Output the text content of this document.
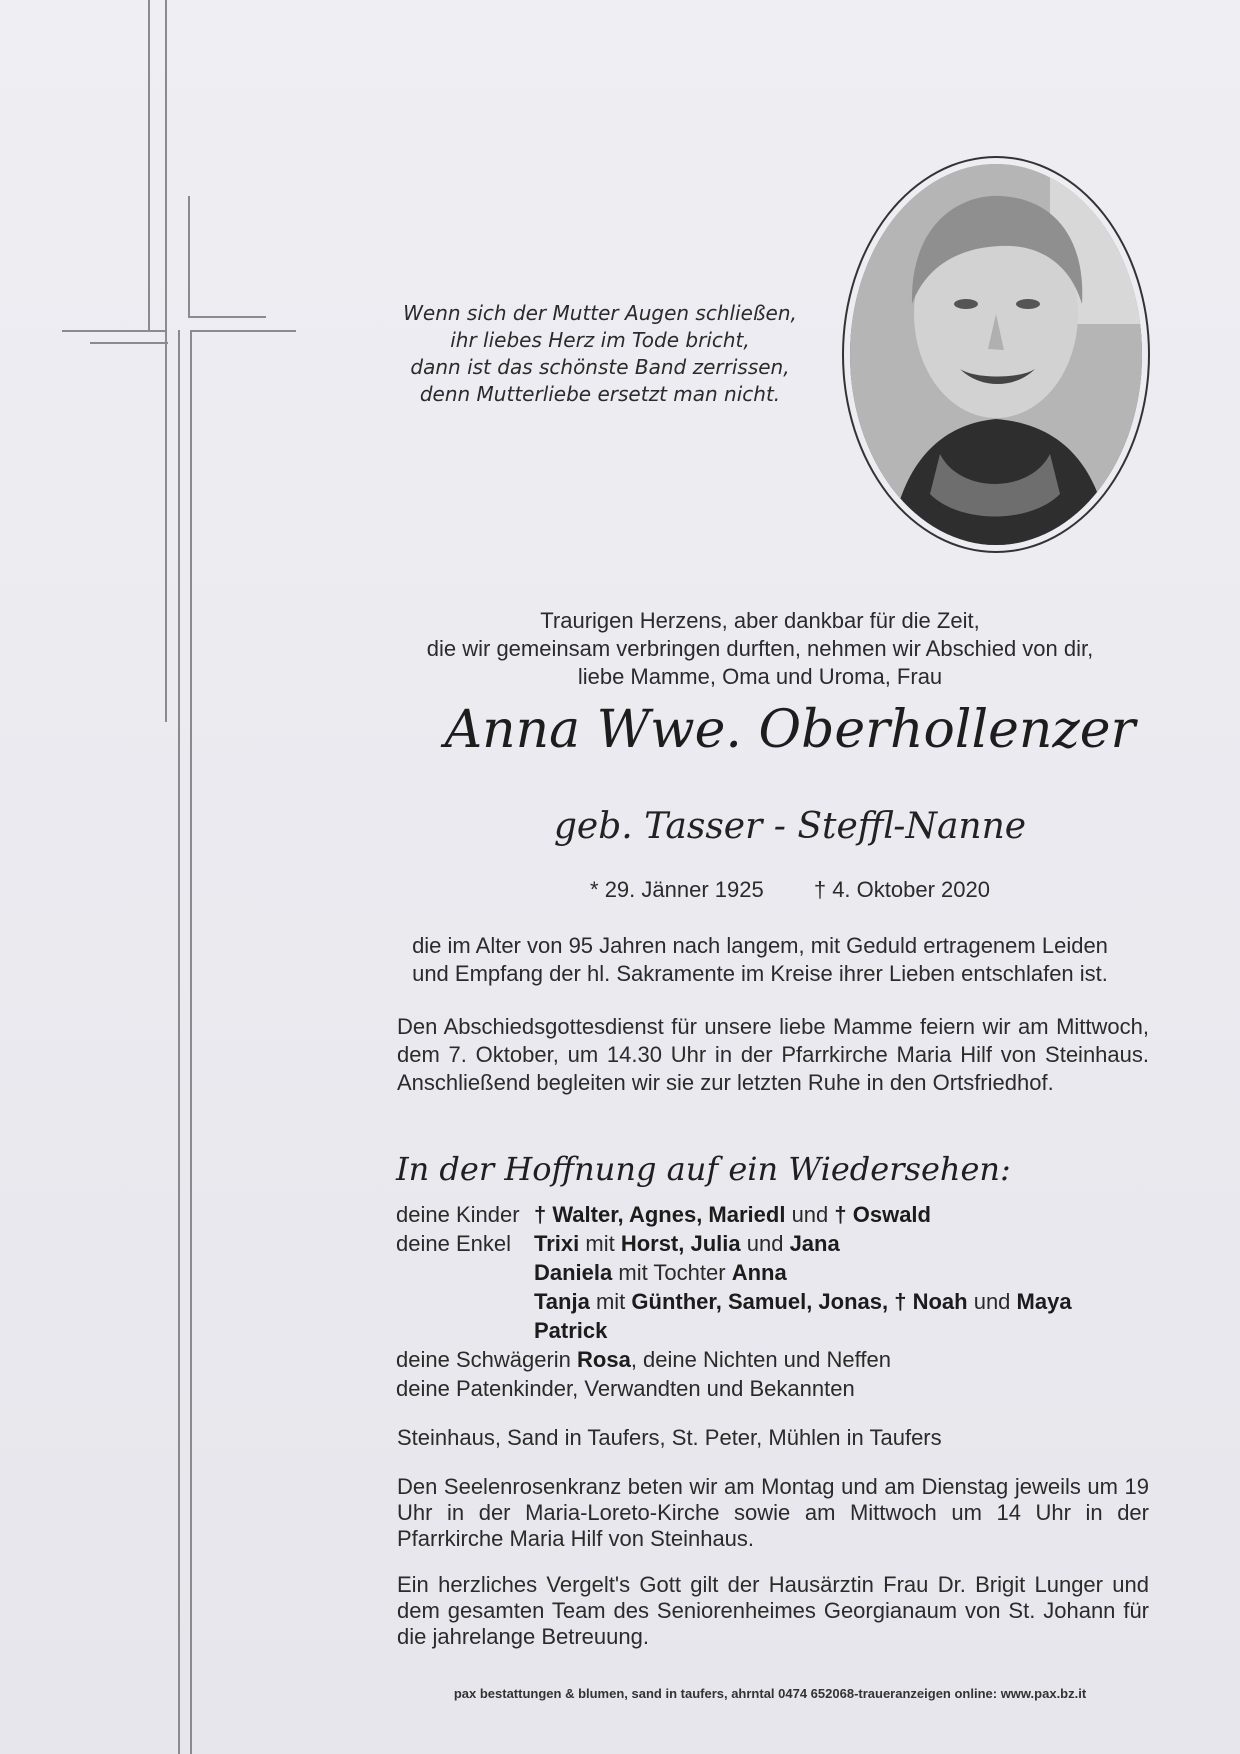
Wenn sich der Mutter Augen schließen,
ihr liebes Herz im Tode bricht,
dann ist das schönste Band zerrissen,
denn Mutterliebe ersetzt man nicht.
Traurigen Herzens, aber dankbar für die Zeit,
die wir gemeinsam verbringen durften, nehmen wir Abschied von dir,
liebe Mamme, Oma und Uroma, Frau
Anna Wwe. Oberhollenzer
geb. Tasser - Steffl-Nanne
* 29. Jänner 1925 † 4. Oktober 2020
die im Alter von 95 Jahren nach langem, mit Geduld ertragenem Leiden
und Empfang der hl. Sakramente im Kreise ihrer Lieben entschlafen ist.
Den Abschiedsgottesdienst für unsere liebe Mamme feiern wir am Mittwoch, dem 7. Oktober, um 14.30 Uhr in der Pfarrkirche Maria Hilf von Steinhaus. Anschließend begleiten wir sie zur letzten Ruhe in den Ortsfriedhof.
In der Hoffnung auf ein Wiedersehen:
deine Kinder † Walter, Agnes, Mariedl und † Oswald
deine Enkel	Trixi mit Horst, Julia und Jana
Daniela mit Tochter Anna
Tanja mit Günther, Samuel, Jonas, † Noah und Maya
Patrick
deine Schwägerin Rosa, deine Nichten und Neffen
deine Patenkinder, Verwandten und Bekannten
Steinhaus, Sand in Taufers, St. Peter, Mühlen in Taufers
Den Seelenrosenkranz beten wir am Montag und am Dienstag jeweils um 19 Uhr in der Maria-Loreto-Kirche sowie am Mittwoch um 14 Uhr in der Pfarrkirche Maria Hilf von Steinhaus.
Ein herzliches Vergelt's Gott gilt der Hausärztin Frau Dr. Brigit Lunger und dem gesamten Team des Seniorenheimes Georgianaum von St. Johann für die jahrelange Betreuung.
pax bestattungen & blumen, sand in taufers, ahrntal 0474 652068-traueranzeigen online: www.pax.bz.it
